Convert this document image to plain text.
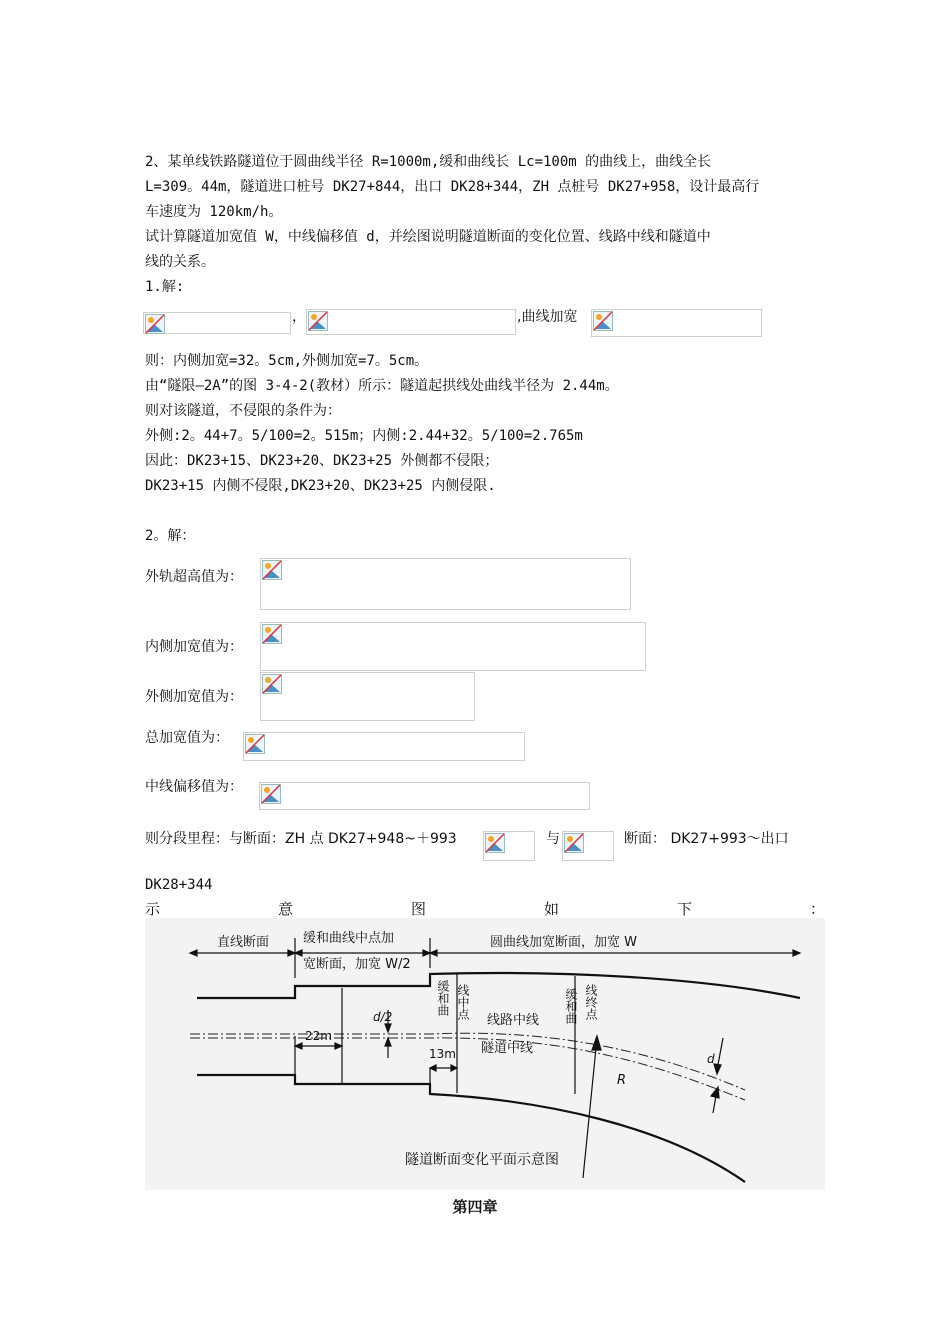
2、某单线铁路隧道位于圆曲线半径 R=1000m,缓和曲线长 Lc=100m 的曲线上，曲线全长
L=309。44m，隧道进口桩号 DK27+844，出口 DK28+344，ZH 点桩号 DK27+958，设计最高行
车速度为 120km/h。
试计算隧道加宽值 W，中线偏移值 d，并绘图说明隧道断面的变化位置、线路中线和隧道中
线的关系。
1.解:
，	,曲线加宽
则：内侧加宽=32。5cm,外侧加宽=7。5cm。
由“隧限—2A”的图 3-4-2(教材）所示：隧道起拱线处曲线半径为 2.44m。
则对该隧道，不侵限的条件为：
外侧:2。44+7。5/100=2。515m；内侧:2.44+32。5/100=2.765m
因此：DK23+15、DK23+20、DK23+25 外侧都不侵限；
DK23+15 内侧不侵限,DK23+20、DK23+25 内侧侵限.
2。解：
外轨超高值为：
内侧加宽值为：
外侧加宽值为：
总加宽值为：
中线偏移值为：
则分段里程：与断面：ZH 点 DK27+948~＋993	与	断面： DK27+993～出口
DK28+344
示	意	图	如	下	：
直线断面	缓和曲线中点加
宽断面，加宽 W/2
圆曲线加宽断面，加宽 W
22m
13m
d/2
d
R
线路中线
隧道中线
缓和曲 线中点	缓和曲 线终点
隧道断面变化平面示意图
第四章
